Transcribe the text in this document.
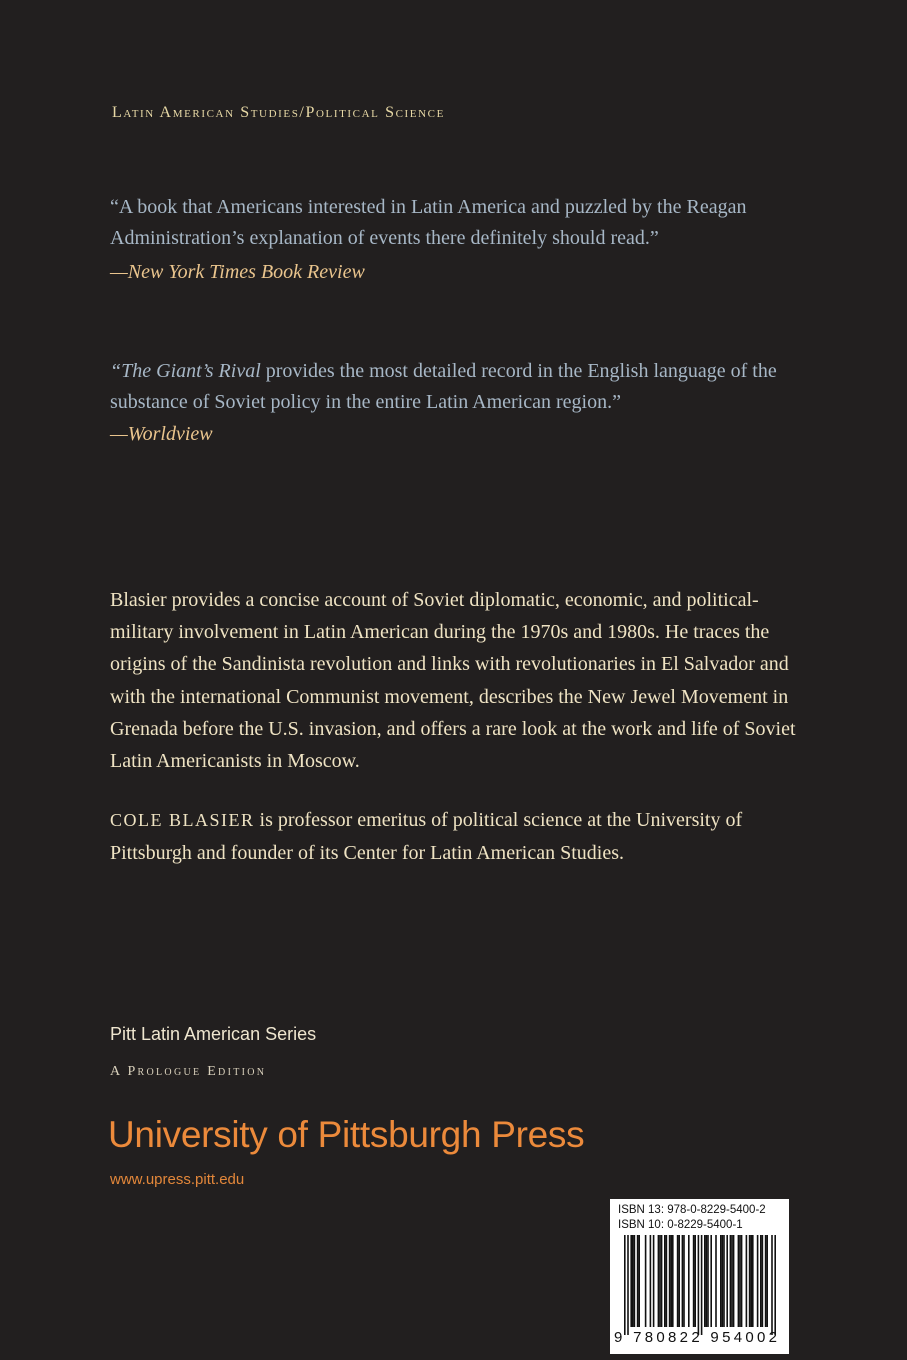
Latin American Studies/Political Science
“A book that Americans interested in Latin America and puzzled by the Reagan Administration’s explanation of events there definitely should read.”
—New York Times Book Review
“The Giant’s Rival provides the most detailed record in the English language of the substance of Soviet policy in the entire Latin American region.”
—Worldview
Blasier provides a concise account of Soviet diplomatic, economic, and political-military involvement in Latin American during the 1970s and 1980s. He traces the origins of the Sandinista revolution and links with revolutionaries in El Salvador and with the international Communist movement, describes the New Jewel Movement in Grenada before the U.S. invasion, and offers a rare look at the work and life of Soviet Latin Americanists in Moscow.
COLE BLASIER is professor emeritus of political science at the University of Pittsburgh and founder of its Center for Latin American Studies.
Pitt Latin American Series
A Prologue Edition
University of Pittsburgh Press
www.upress.pitt.edu
ISBN 13: 978-0-8229-5400-2
ISBN 10: 0-8229-5400-1
9 780822 954002
